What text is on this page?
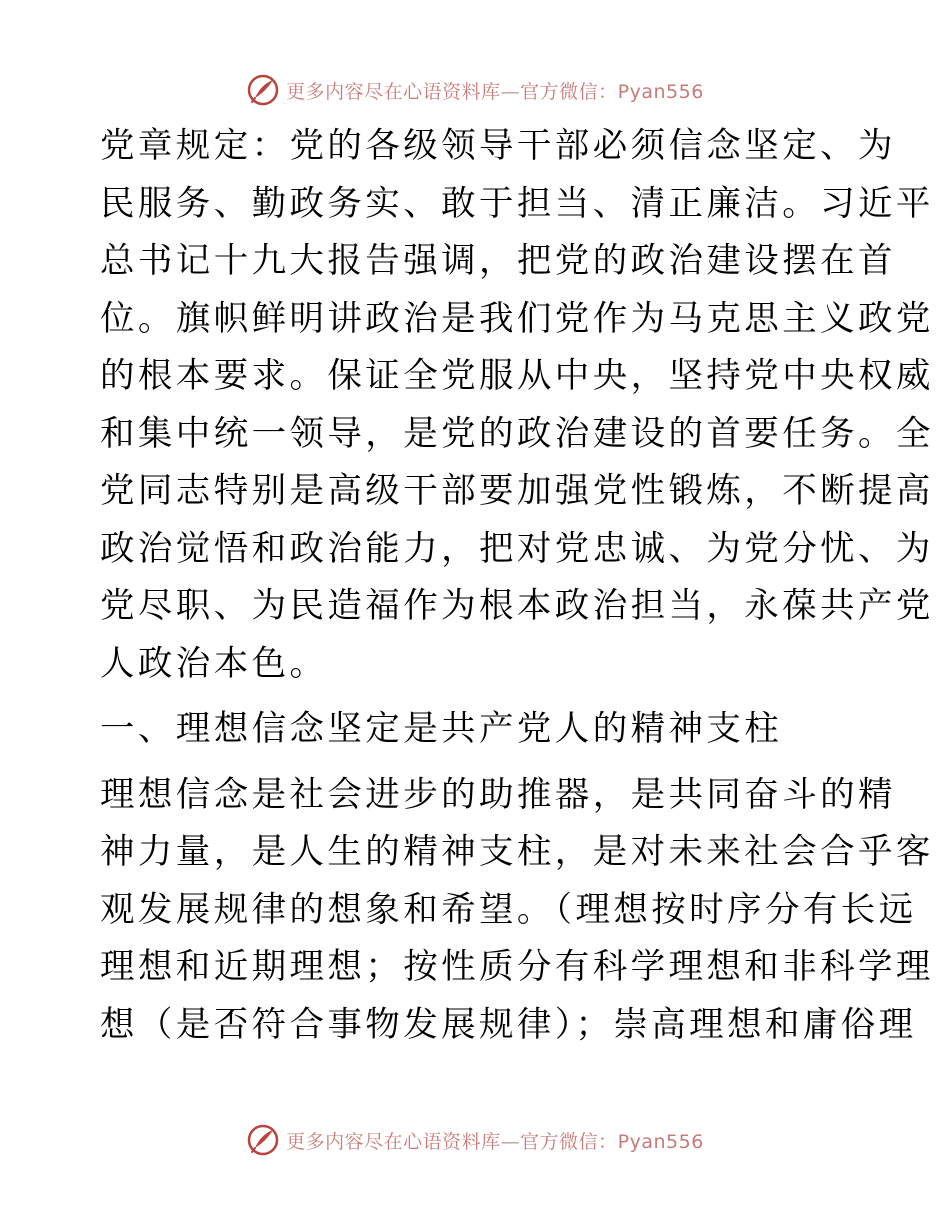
更多内容尽在心语资料库—官方微信：Pyan556

党章规定：党的各级领导干部必须信念坚定、为

民服务、勤政务实、敢于担当、清正廉洁。习近平

总书记十九大报告强调，把党的政治建设摆在首

位。旗帜鲜明讲政治是我们党作为马克思主义政党

的根本要求。保证全党服从中央，坚持党中央权威

和集中统一领导，是党的政治建设的首要任务。全

党同志特别是高级干部要加强党性锻炼，不断提高

政治觉悟和政治能力，把对党忠诚、为党分忧、为

党尽职、为民造福作为根本政治担当，永葆共产党

人政治本色。

一、理想信念坚定是共产党人的精神支柱

理想信念是社会进步的助推器，是共同奋斗的精

神力量，是人生的精神支柱，是对未来社会合乎客

观发展规律的想象和希望。（理想按时序分有长远

理想和近期理想；按性质分有科学理想和非科学理

想（是否符合事物发展规律）；崇高理想和庸俗理

更多内容尽在心语资料库—官方微信：Pyan556
